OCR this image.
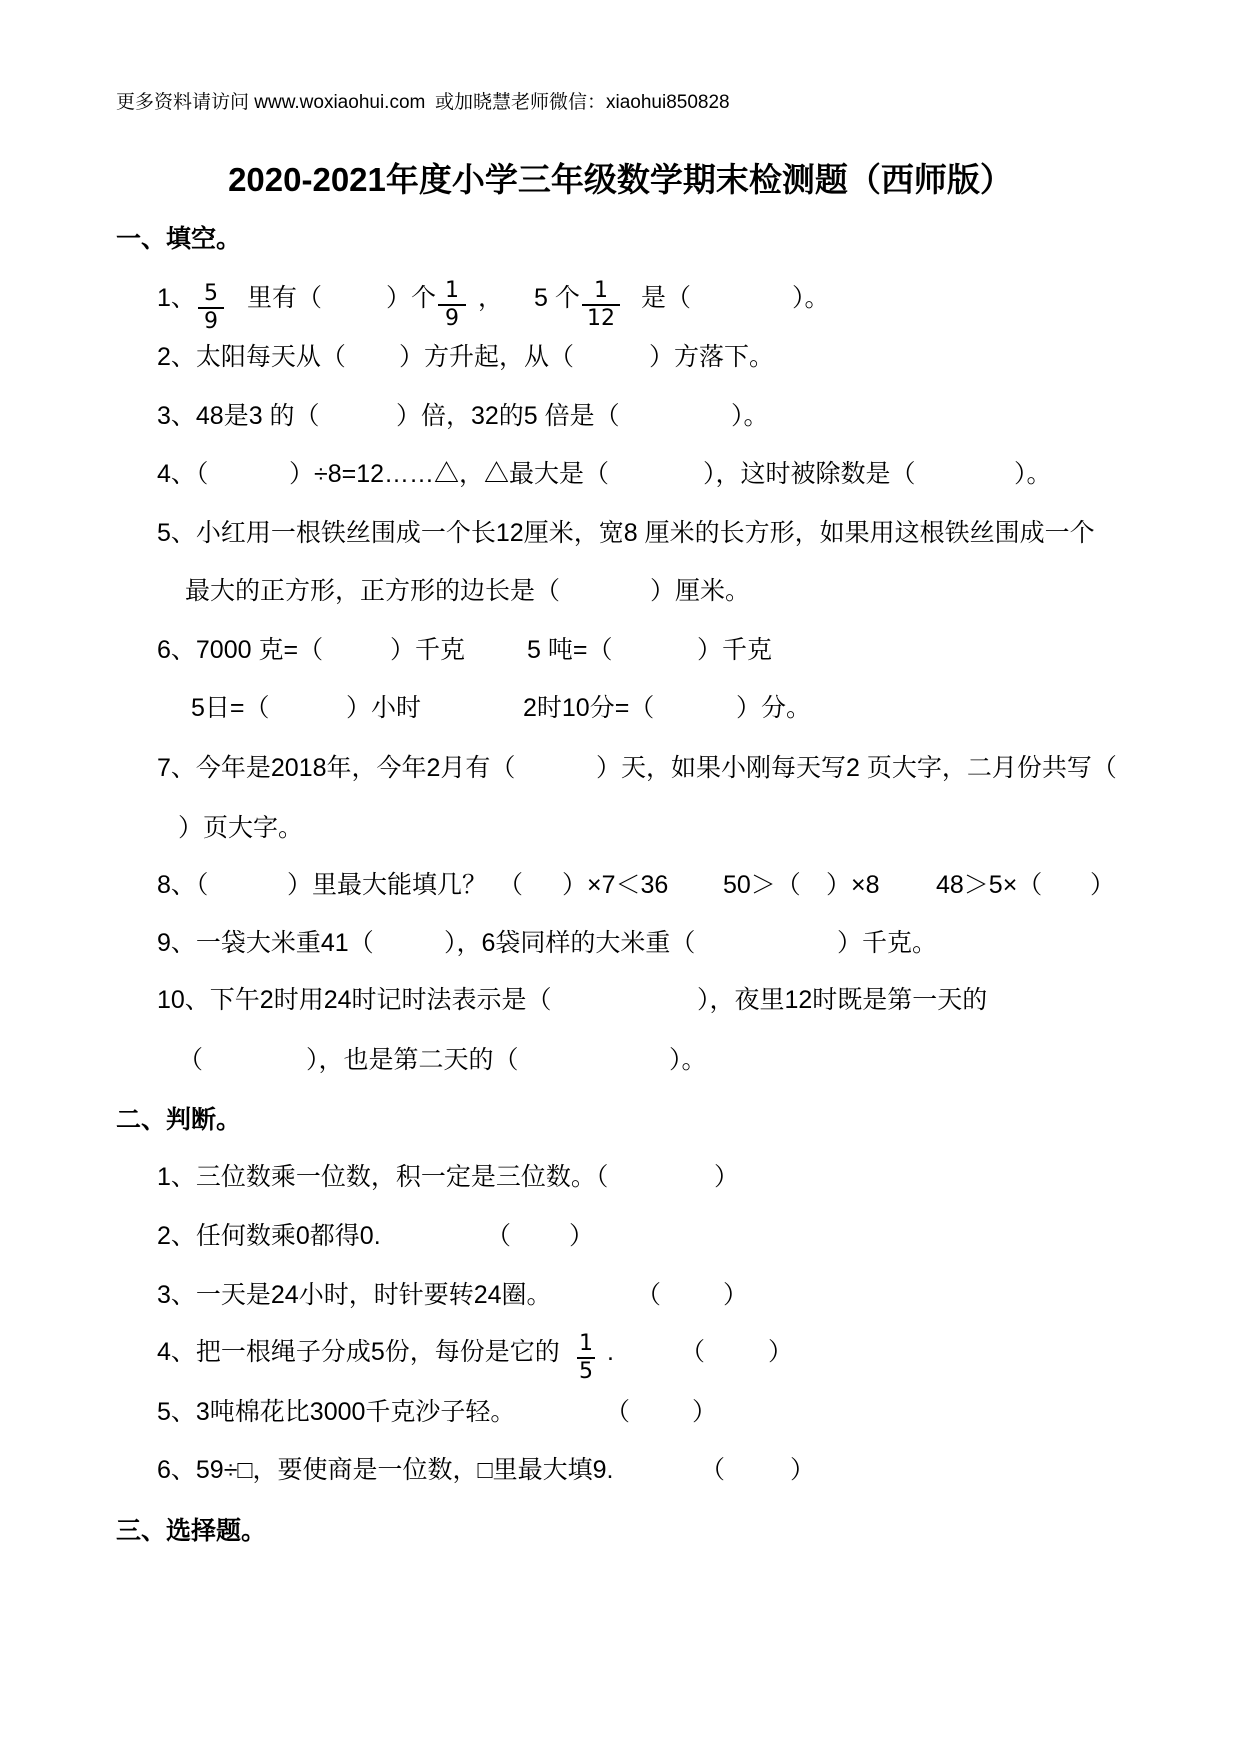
更多资料请访问 www.woxiaohui.com 或加晓慧老师微信：xiaohui850828
2020-2021年度小学三年级数学期末检测题（西师版）
一、填空。
1、 5
9
里有（	）个 1
9
， 5 个 1
12
是（	）。
2、太阳每天从（ ）方升起，从（	）方落下。
3、48是3 的（	）倍，32的5 倍是（	）。
4、（	）÷8=12……△，△最大是（	），这时被除数是（	）。
5、小红用一根铁丝围成一个长12厘米，宽8 厘米的长方形，如果用这根铁丝围成一个
最大的正方形，正方形的边长是（	）厘米。
6、7000 克=（	）千克 5 吨=（	）千克
5日=（	）小时	2时10分=（	）分。
7、今年是2018年，今年2月有（	）天，如果小刚每天写2 页大字，二月份共写（
）页大字。
8、（	）里最大能填几？ （ ）×7＜36 50＞（ ）×8 48＞5×（ ）
9、一袋大米重41（	），6袋同样的大米重（	）千克。
10、下午2时用24时记时法表示是（	），夜里12时既是第一天的
（	），也是第二天的（	）。
二、判断。
1、三位数乘一位数，积一定是三位数。（	）
2、任何数乘0都得0.	（ ）
3、一天是24小时，时针要转24圈。	（ ）
4、把一根绳子分成5份，每份是它的 1
5
.	（	）
5、3吨棉花比3000千克沙子轻。	（ ）
6、59÷□，要使商是一位数，□里最大填9.	（	）
三、选择题。
